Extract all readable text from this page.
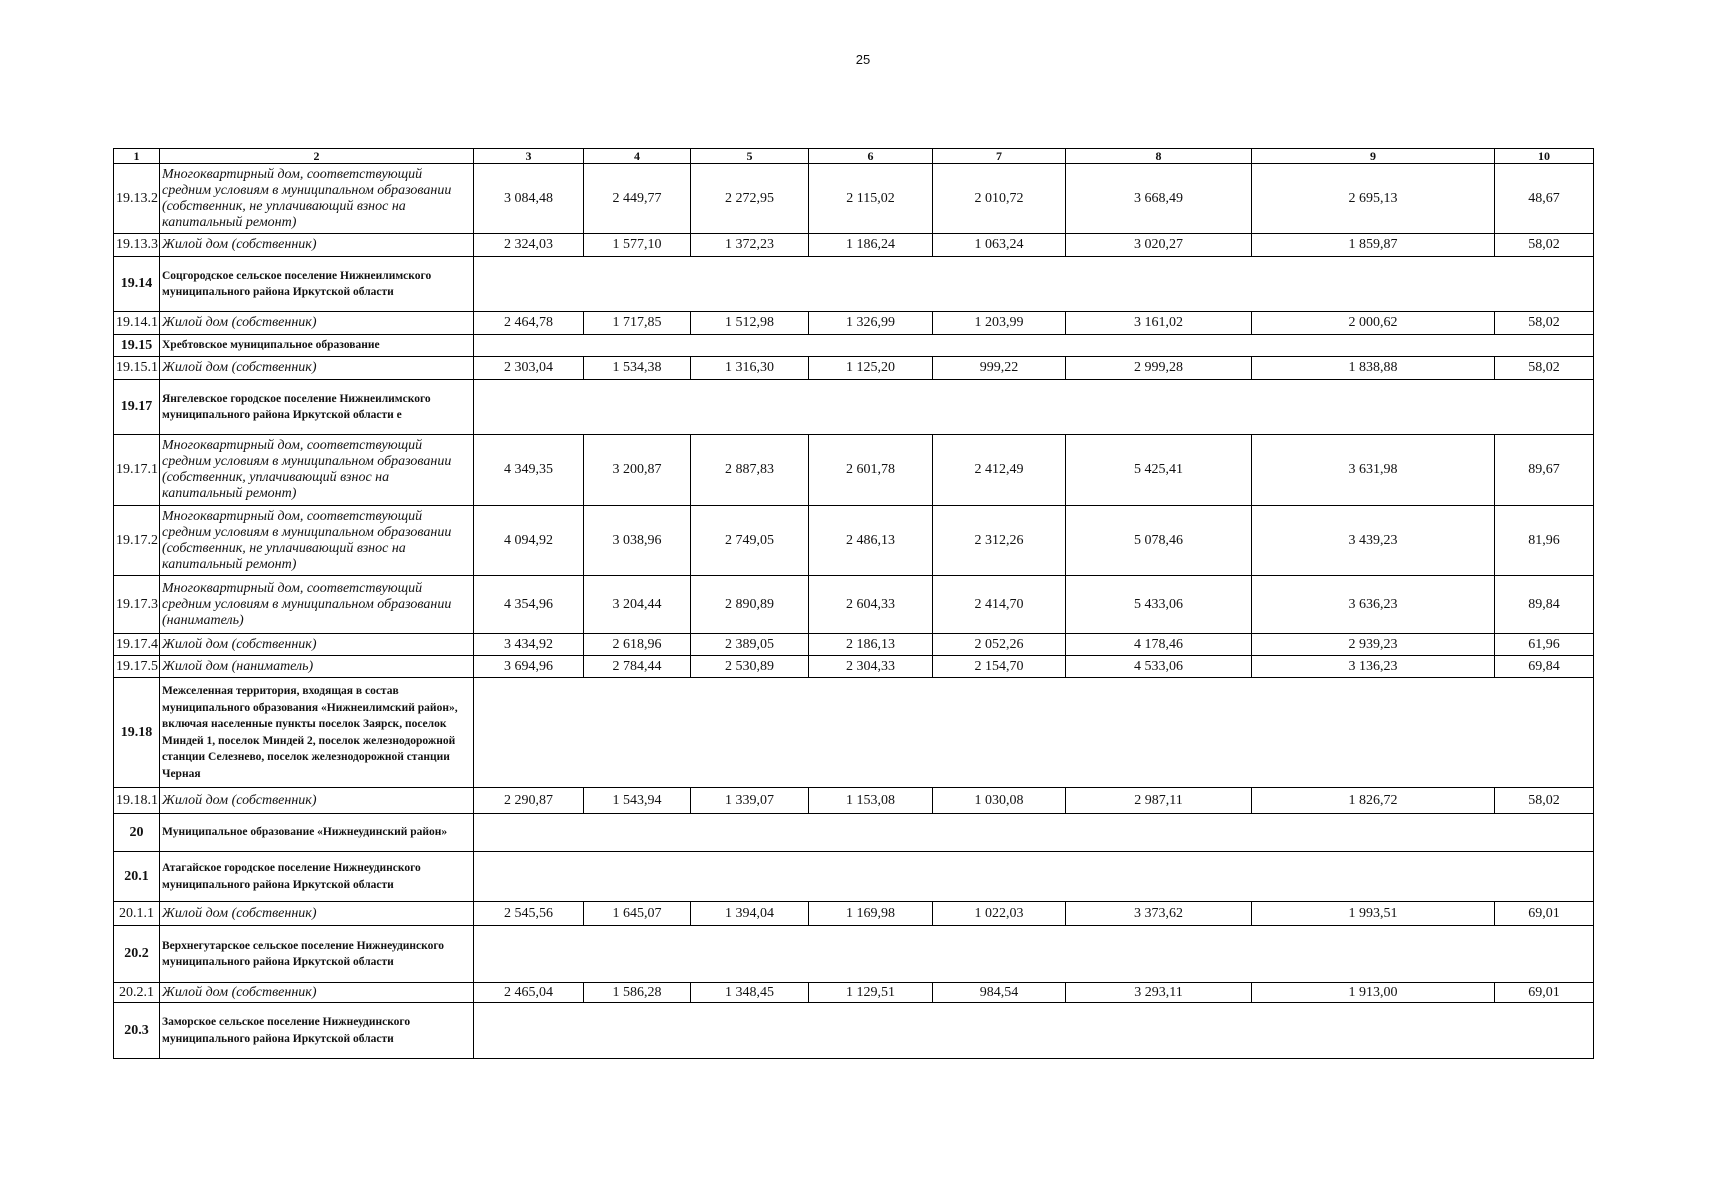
25
1	2	3	4	5	6	7	8	9	10
19.13.2	Многоквартирный дом, соответствующий средним условиям в муниципальном образовании (собственник, не уплачивающий взнос на капитальный ремонт)	3 084,48	2 449,77	2 272,95	2 115,02	2 010,72	3 668,49	2 695,13	48,67
19.13.3	Жилой дом (собственник)	2 324,03	1 577,10	1 372,23	1 186,24	1 063,24	3 020,27	1 859,87	58,02
19.14	Соцгородское сельское поселение Нижнеилимского муниципального района Иркутской области								
19.14.1	Жилой дом (собственник)	2 464,78	1 717,85	1 512,98	1 326,99	1 203,99	3 161,02	2 000,62	58,02
19.15	Хребтовское муниципальное образование								
19.15.1	Жилой дом (собственник)	2 303,04	1 534,38	1 316,30	1 125,20	999,22	2 999,28	1 838,88	58,02
19.17	Янгелевское городское поселение Нижнеилимского муниципального района Иркутской области е								
19.17.1	Многоквартирный дом, соответствующий средним условиям в муниципальном образовании (собственник, уплачивающий взнос на капитальный ремонт)	4 349,35	3 200,87	2 887,83	2 601,78	2 412,49	5 425,41	3 631,98	89,67
19.17.2	Многоквартирный дом, соответствующий средним условиям в муниципальном образовании (собственник, не уплачивающий взнос на капитальный ремонт)	4 094,92	3 038,96	2 749,05	2 486,13	2 312,26	5 078,46	3 439,23	81,96
19.17.3	Многоквартирный дом, соответствующий средним условиям в муниципальном образовании (наниматель)	4 354,96	3 204,44	2 890,89	2 604,33	2 414,70	5 433,06	3 636,23	89,84
19.17.4	Жилой дом (собственник)	3 434,92	2 618,96	2 389,05	2 186,13	2 052,26	4 178,46	2 939,23	61,96
19.17.5	Жилой дом (наниматель)	3 694,96	2 784,44	2 530,89	2 304,33	2 154,70	4 533,06	3 136,23	69,84
19.18	Межселенная территория, входящая в состав муниципального образования «Нижнеилимский район», включая населенные пункты поселок Заярск, поселок Миндей 1, поселок Миндей 2, поселок железнодорожной станции Селезнево, поселок железнодорожной станции Черная								
19.18.1	Жилой дом (собственник)	2 290,87	1 543,94	1 339,07	1 153,08	1 030,08	2 987,11	1 826,72	58,02
20	Муниципальное образование «Нижнеудинский район»								
20.1	Атагайское городское поселение Нижнеудинского муниципального района Иркутской области								
20.1.1	Жилой дом (собственник)	2 545,56	1 645,07	1 394,04	1 169,98	1 022,03	3 373,62	1 993,51	69,01
20.2	Верхнегутарское сельское поселение Нижнеудинского муниципального района Иркутской области								
20.2.1	Жилой дом (собственник)	2 465,04	1 586,28	1 348,45	1 129,51	984,54	3 293,11	1 913,00	69,01
20.3	Заморское сельское поселение Нижнеудинского муниципального района Иркутской области								
